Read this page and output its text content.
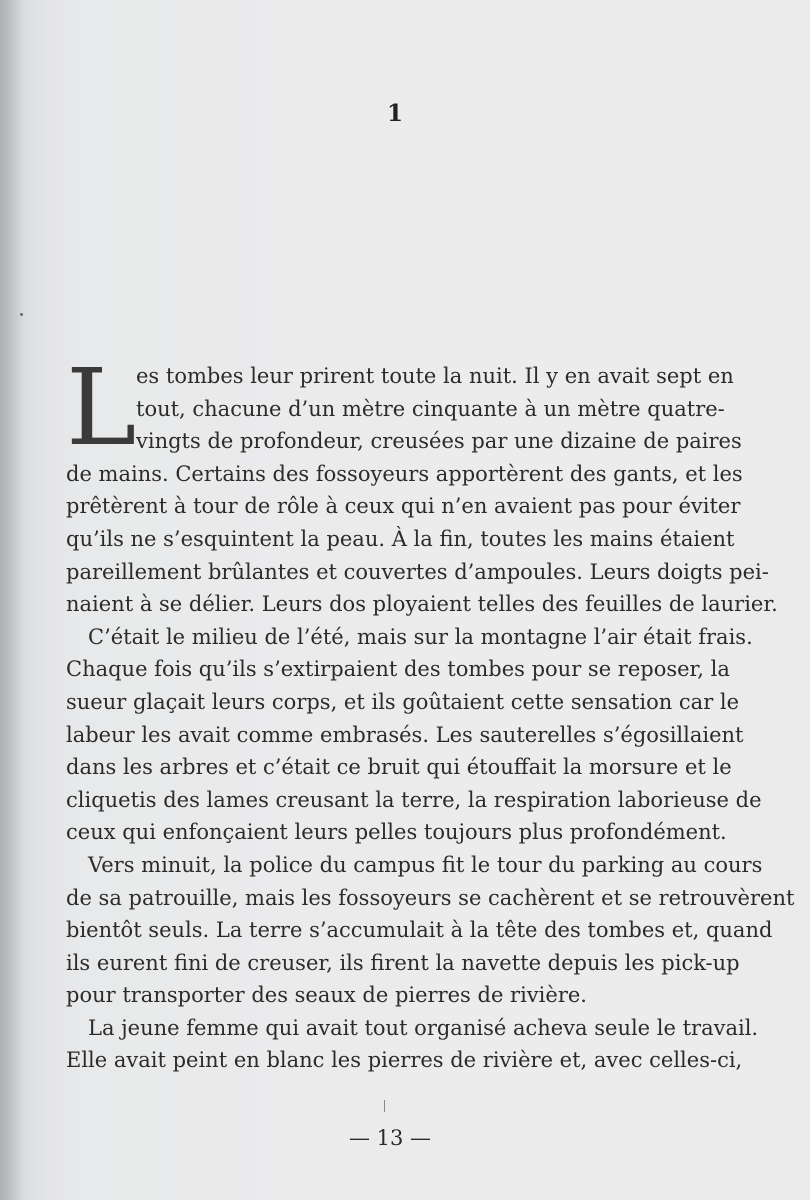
1
L es tombes leur prirent toute la nuit. Il y en avait sept en
tout, chacune d’un mètre cinquante à un mètre quatre-
vingts de profondeur, creusées par une dizaine de paires
de mains. Certains des fossoyeurs apportèrent des gants, et les
prêtèrent à tour de rôle à ceux qui n’en avaient pas pour éviter
qu’ils ne s’esquintent la peau. À la fin, toutes les mains étaient
pareillement brûlantes et couvertes d’ampoules. Leurs doigts pei-
naient à se délier. Leurs dos ployaient telles des feuilles de laurier.
C’était le milieu de l’été, mais sur la montagne l’air était frais.
Chaque fois qu’ils s’extirpaient des tombes pour se reposer, la
sueur glaçait leurs corps, et ils goûtaient cette sensation car le
labeur les avait comme embrasés. Les sauterelles s’égosillaient
dans les arbres et c’était ce bruit qui étouffait la morsure et le
cliquetis des lames creusant la terre, la respiration laborieuse de
ceux qui enfonçaient leurs pelles toujours plus profondément.
Vers minuit, la police du campus fit le tour du parking au cours
de sa patrouille, mais les fossoyeurs se cachèrent et se retrouvèrent
bientôt seuls. La terre s’accumulait à la tête des tombes et, quand
ils eurent fini de creuser, ils firent la navette depuis les pick-up
pour transporter des seaux de pierres de rivière.
La jeune femme qui avait tout organisé acheva seule le travail.
Elle avait peint en blanc les pierres de rivière et, avec celles-ci,
— 13 —
